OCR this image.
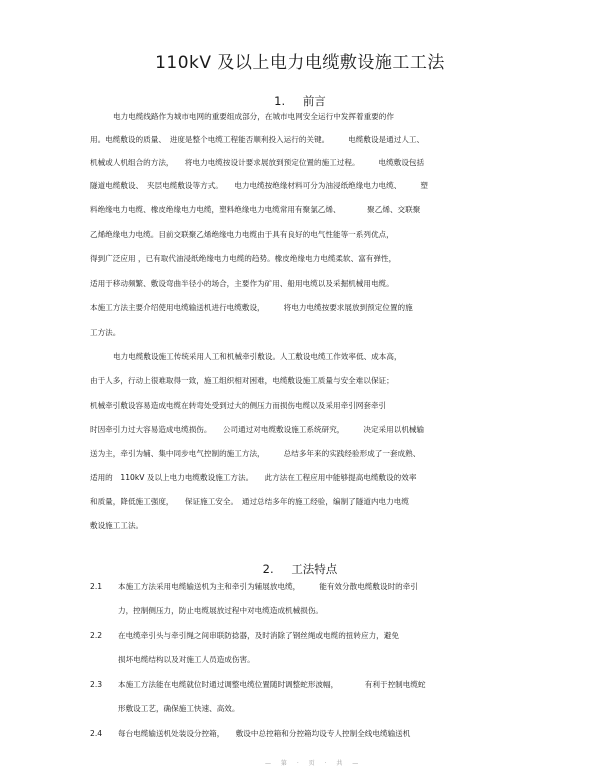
110kV 及以上电力电缆敷设施工工法
1. 前言
电力电缆线路作为城市电网的重要组成部分，在城市电网安全运行中发挥着重要的作
用。电缆敷设的质量、　进度是整个电缆工程能否顺利投入运行的关键。　　　电缆敷设是通过人工、
机械或人机组合的方法，　　将电力电缆按设计要求展放到预定位置的施工过程。　　　电缆敷设包括
隧道电缆敷设、　夹层电缆敷设等方式。　　电力电缆按绝缘材料可分为油浸纸绝缘电力电缆、　　　塑
料绝缘电力电缆、橡皮绝缘电力电缆，塑料绝缘电力电缆常用有聚氯乙烯、　　　　聚乙烯、交联聚
乙烯绝缘电力电缆。目前交联聚乙烯绝缘电力电缆由于具有良好的电气性能等一系列优点，
得到广泛应用 ，已有取代油浸纸绝缘电力电缆的趋势。橡皮绝缘电力电缆柔软、富有弹性，
适用于移动频繁、敷设弯曲半径小的场合，主要作为矿用、船用电缆以及采掘机械用电缆。
本施工方法主要介绍使用电缆输送机进行电缆敷设，　　　将电力电缆按要求展放到预定位置的施
工方法。
电力电缆敷设施工传统采用人工和机械牵引敷设。人工敷设电缆工作效率低、成本高，
由于人多，行动上很难取得一致，施工组织相对困难，电缆敷设施工质量与安全难以保证；
机械牵引敷设容易造成电缆在转弯处受到过大的侧压力而损伤电缆以及采用牵引网套牵引
时因牵引力过大容易造成电缆损伤。　　公司通过对电缆敷设施工系统研究，　　　决定采用以机械输
送为主，牵引为辅、集中同步电气控制的施工方法，　　　总结多年来的实践经验形成了一套成熟、
适用的　110kV 及以上电力电缆敷设施工方法。　　此方法在工程应用中能够提高电缆敷设的效率
和质量，降低施工强度，　　保证施工安全。　通过总结多年的施工经验，编制了隧道内电力电缆
敷设施工工法。
2. 工法特点
2.1 本施工方法采用电缆输送机为主和牵引为辅展放电缆，　　　能有效分散电缆敷设时的牵引
力，控制侧压力，防止电缆展放过程中对电缆造成机械损伤。
2.2 在电缆牵引头与牵引绳之间串联防捻器，及时消除了钢丝绳或电缆的扭转应力，避免
损坏电缆结构以及对施工人员造成伤害。
2.3 本施工方法能在电缆就位时通过调整电缆位置随时调整蛇形波幅，　　　　有利于控制电缆蛇
形敷设工艺，确保施工快速、高效。
2.4 每台电缆输送机处装设分控箱，　　敷设中总控箱和分控箱均设专人控制全线电缆输送机
— 第 · 页 · 共 —
